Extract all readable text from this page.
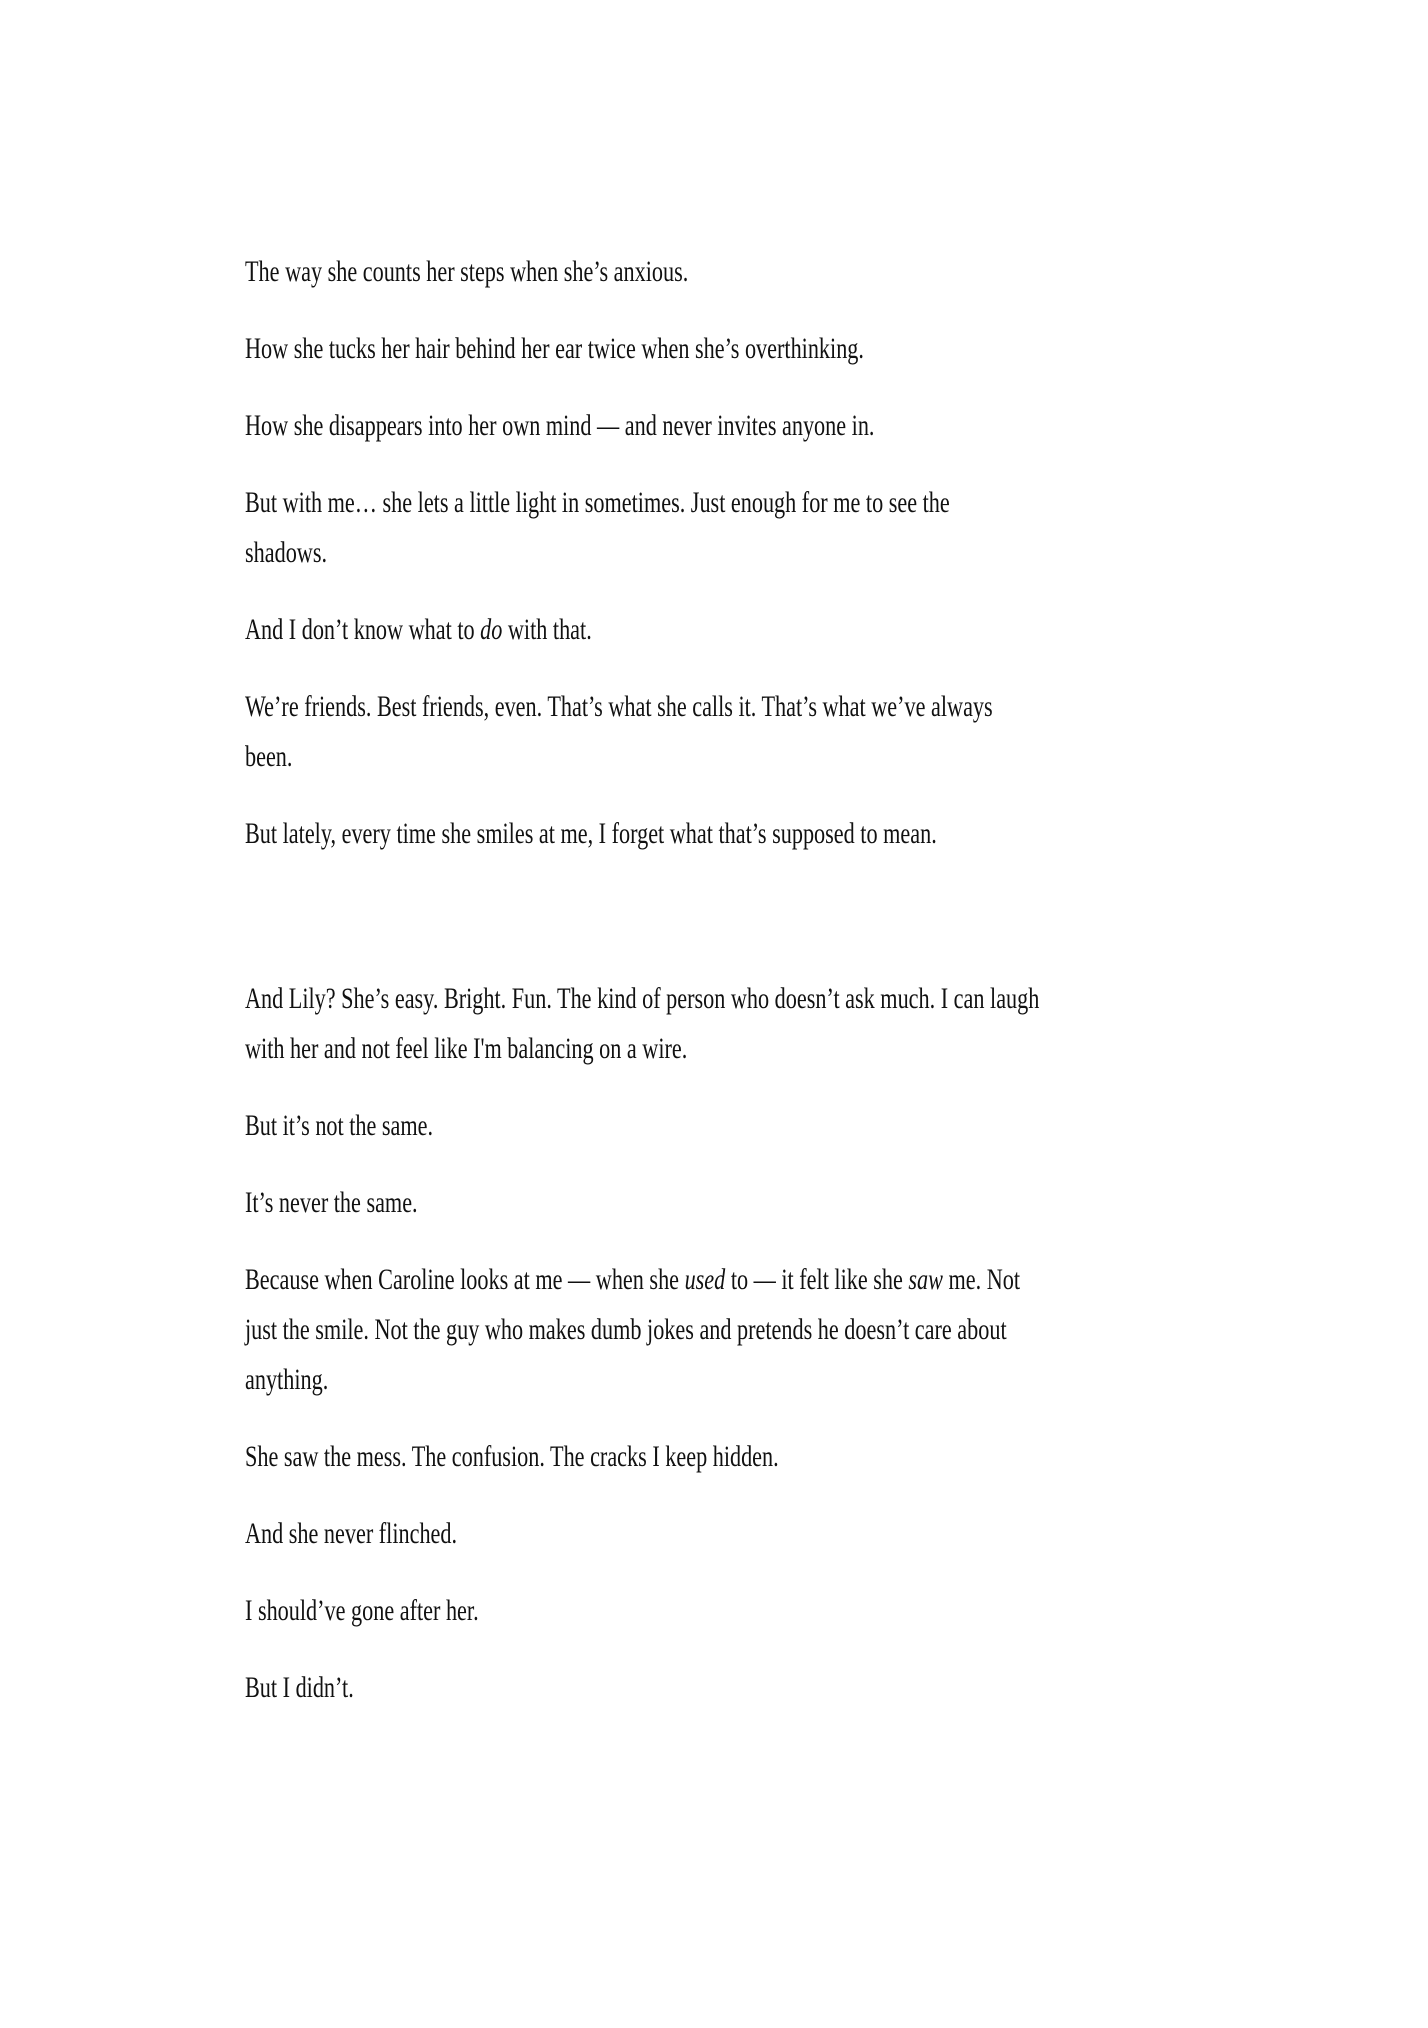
The way she counts her steps when she’s anxious.

How she tucks her hair behind her ear twice when she’s overthinking.

How she disappears into her own mind — and never invites anyone in.

But with me… she lets a little light in sometimes. Just enough for me to see the
shadows.

And I don’t know what to do with that.

We’re friends. Best friends, even. That’s what she calls it. That’s what we’ve always
been.

But lately, every time she smiles at me, I forget what that’s supposed to mean.

And Lily? She’s easy. Bright. Fun. The kind of person who doesn’t ask much. I can laugh
with her and not feel like I'm balancing on a wire.

But it’s not the same.

It’s never the same.

Because when Caroline looks at me — when she used to — it felt like she saw me. Not
just the smile. Not the guy who makes dumb jokes and pretends he doesn’t care about
anything.

She saw the mess. The confusion. The cracks I keep hidden.

And she never flinched.

I should’ve gone after her.

But I didn’t.
